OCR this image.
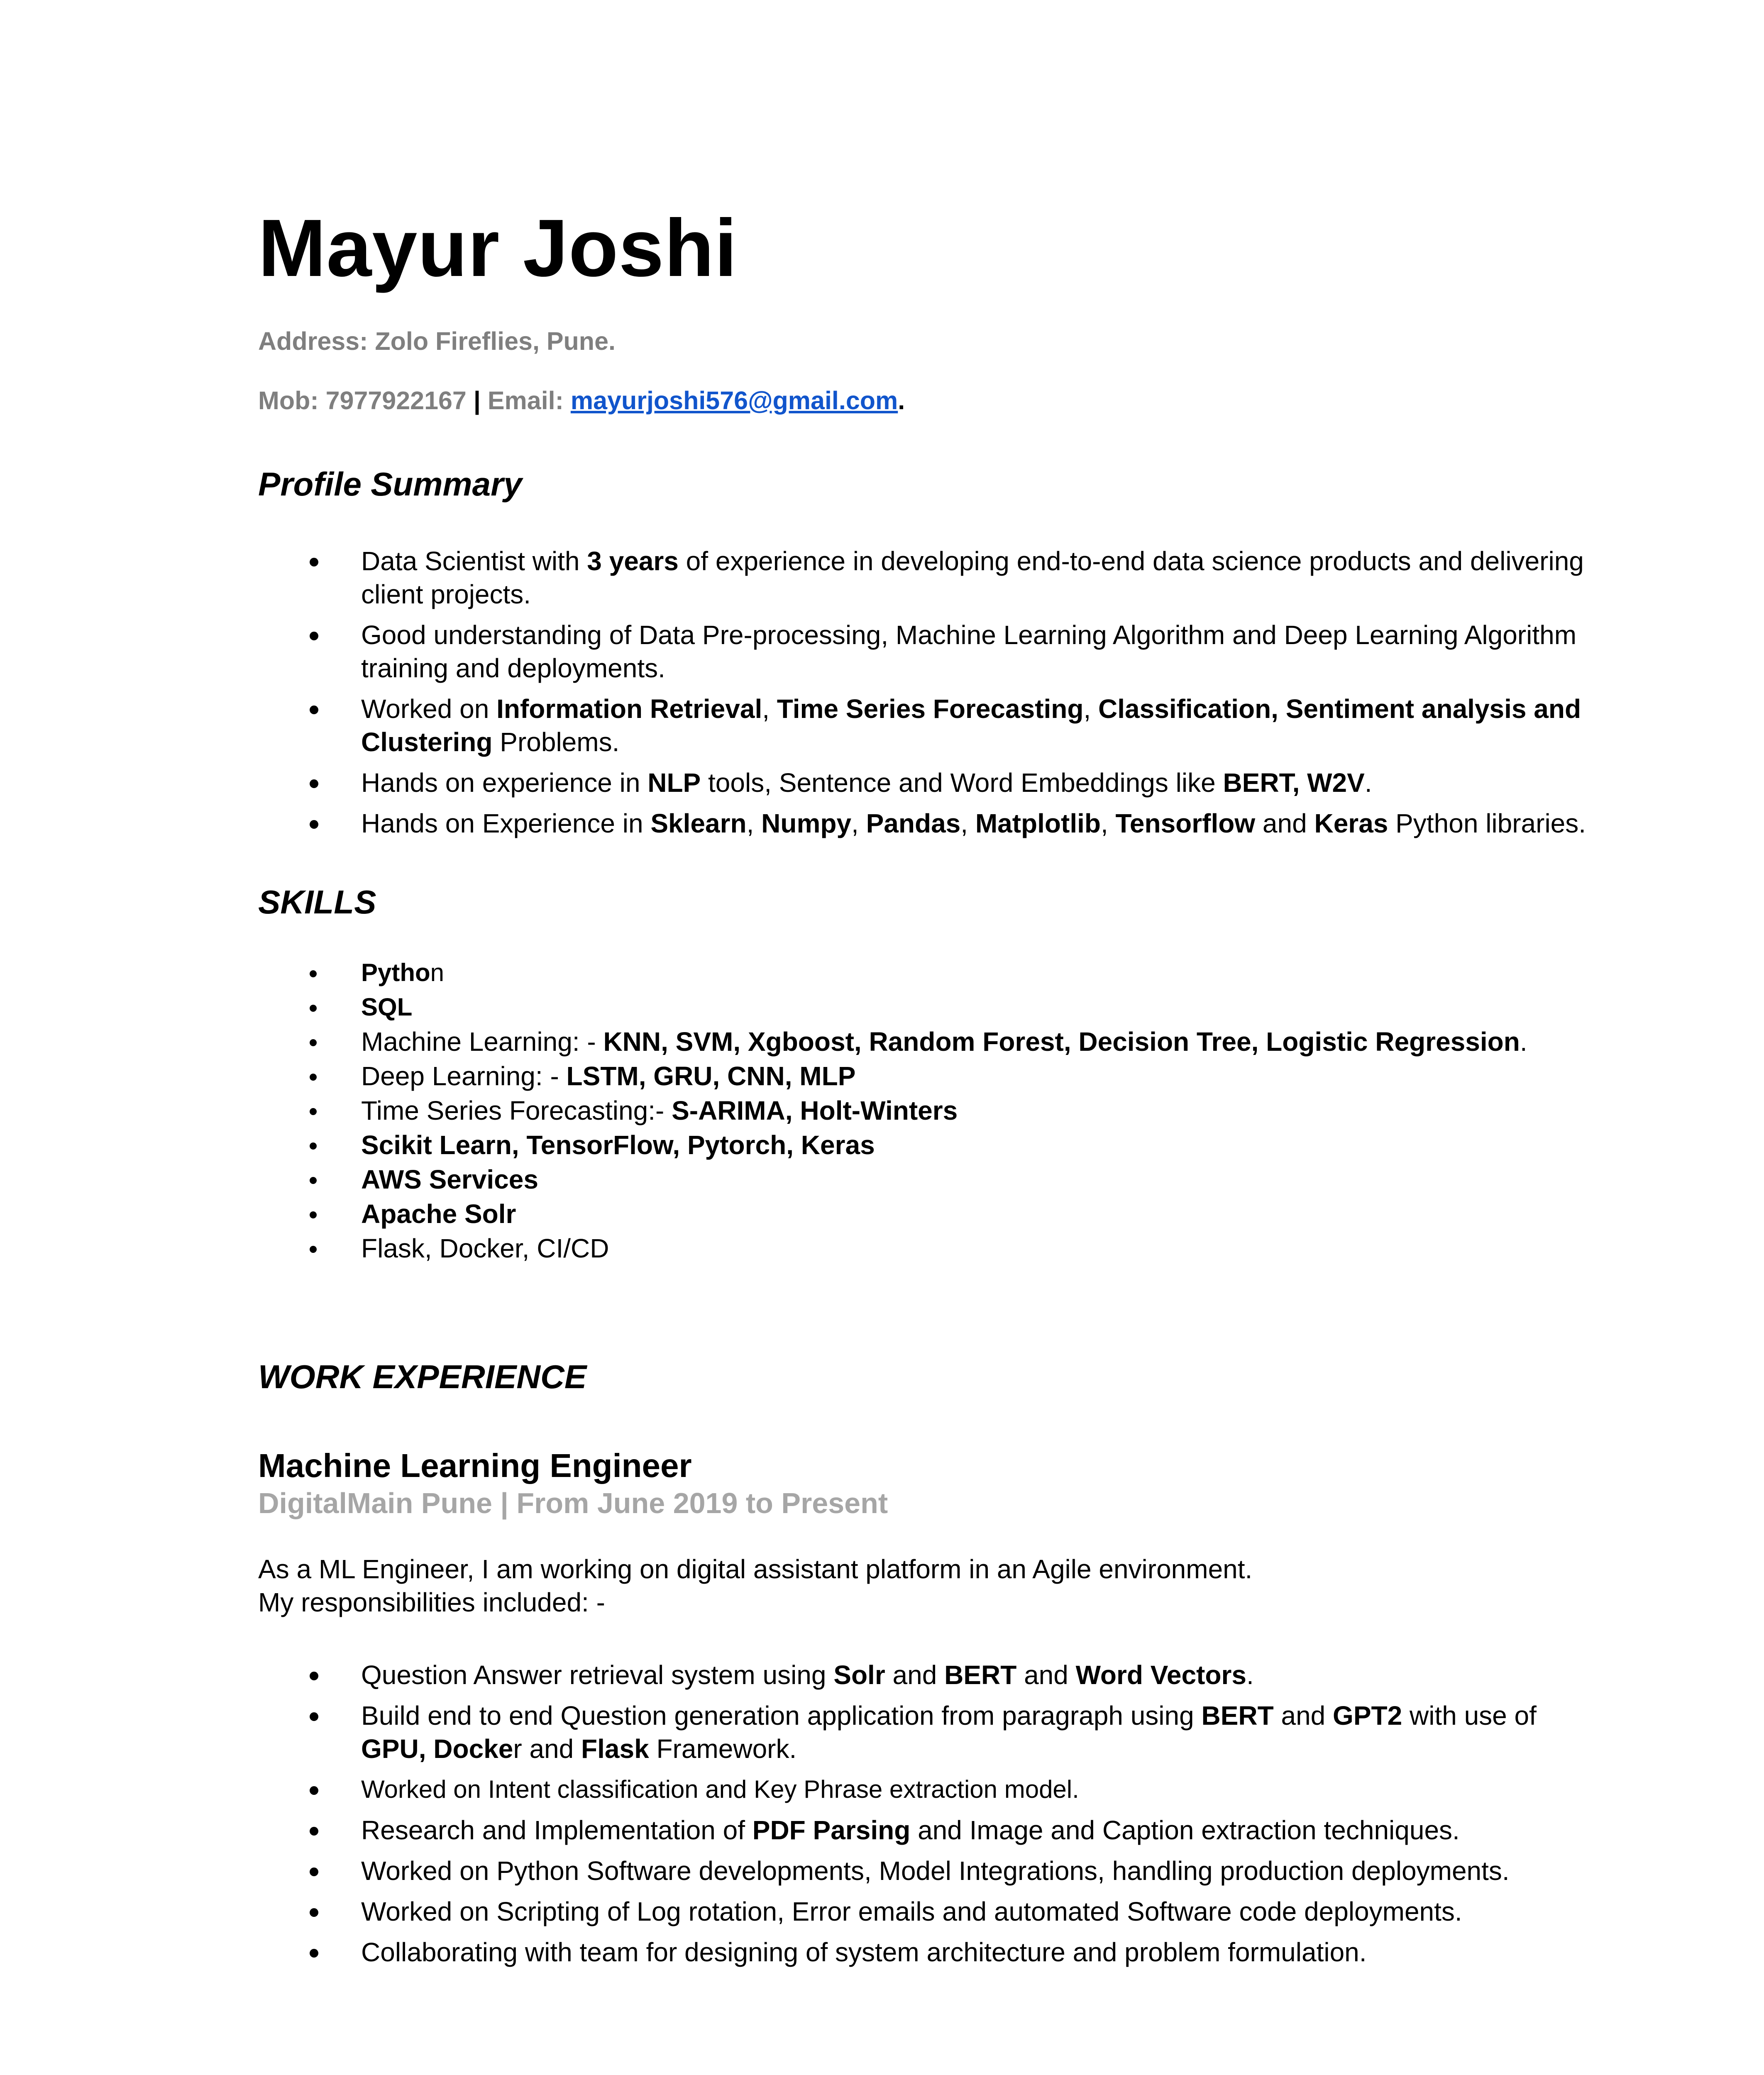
Mayur Joshi

Address: Zolo Fireflies, Pune.

Mob: 7977922167 | Email: mayurjoshi576@gmail.com.

Profile Summary
Data Scientist with 3 years of experience in developing end-to-end data science products and delivering client projects.
Good understanding of Data Pre-processing, Machine Learning Algorithm and Deep Learning Algorithm training and deployments.
Worked on Information Retrieval, Time Series Forecasting, Classification, Sentiment analysis and Clustering Problems.
Hands on experience in NLP tools, Sentence and Word Embeddings like BERT, W2V.
Hands on Experience in Sklearn, Numpy, Pandas, Matplotlib, Tensorflow and Keras Python libraries.
SKILLS
Python
SQL
Machine Learning: - KNN, SVM, Xgboost, Random Forest, Decision Tree, Logistic Regression.
Deep Learning: - LSTM, GRU, CNN, MLP
Time Series Forecasting:- S-ARIMA, Holt-Winters
Scikit Learn, TensorFlow, Pytorch, Keras
AWS Services
Apache Solr
Flask, Docker, CI/CD
WORK EXPERIENCE
Machine Learning Engineer

DigitalMain Pune | From June 2019 to Present

As a ML Engineer, I am working on digital assistant platform in an Agile environment.
My responsibilities included: -

Question Answer retrieval system using Solr and BERT and Word Vectors.
Build end to end Question generation application from paragraph using BERT and GPT2 with use of GPU, Docker and Flask Framework.
Worked on Intent classification and Key Phrase extraction model.
Research and Implementation of PDF Parsing and Image and Caption extraction techniques.
Worked on Python Software developments, Model Integrations, handling production deployments.
Worked on Scripting of Log rotation, Error emails and automated Software code deployments.
Collaborating with team for designing of system architecture and problem formulation.
